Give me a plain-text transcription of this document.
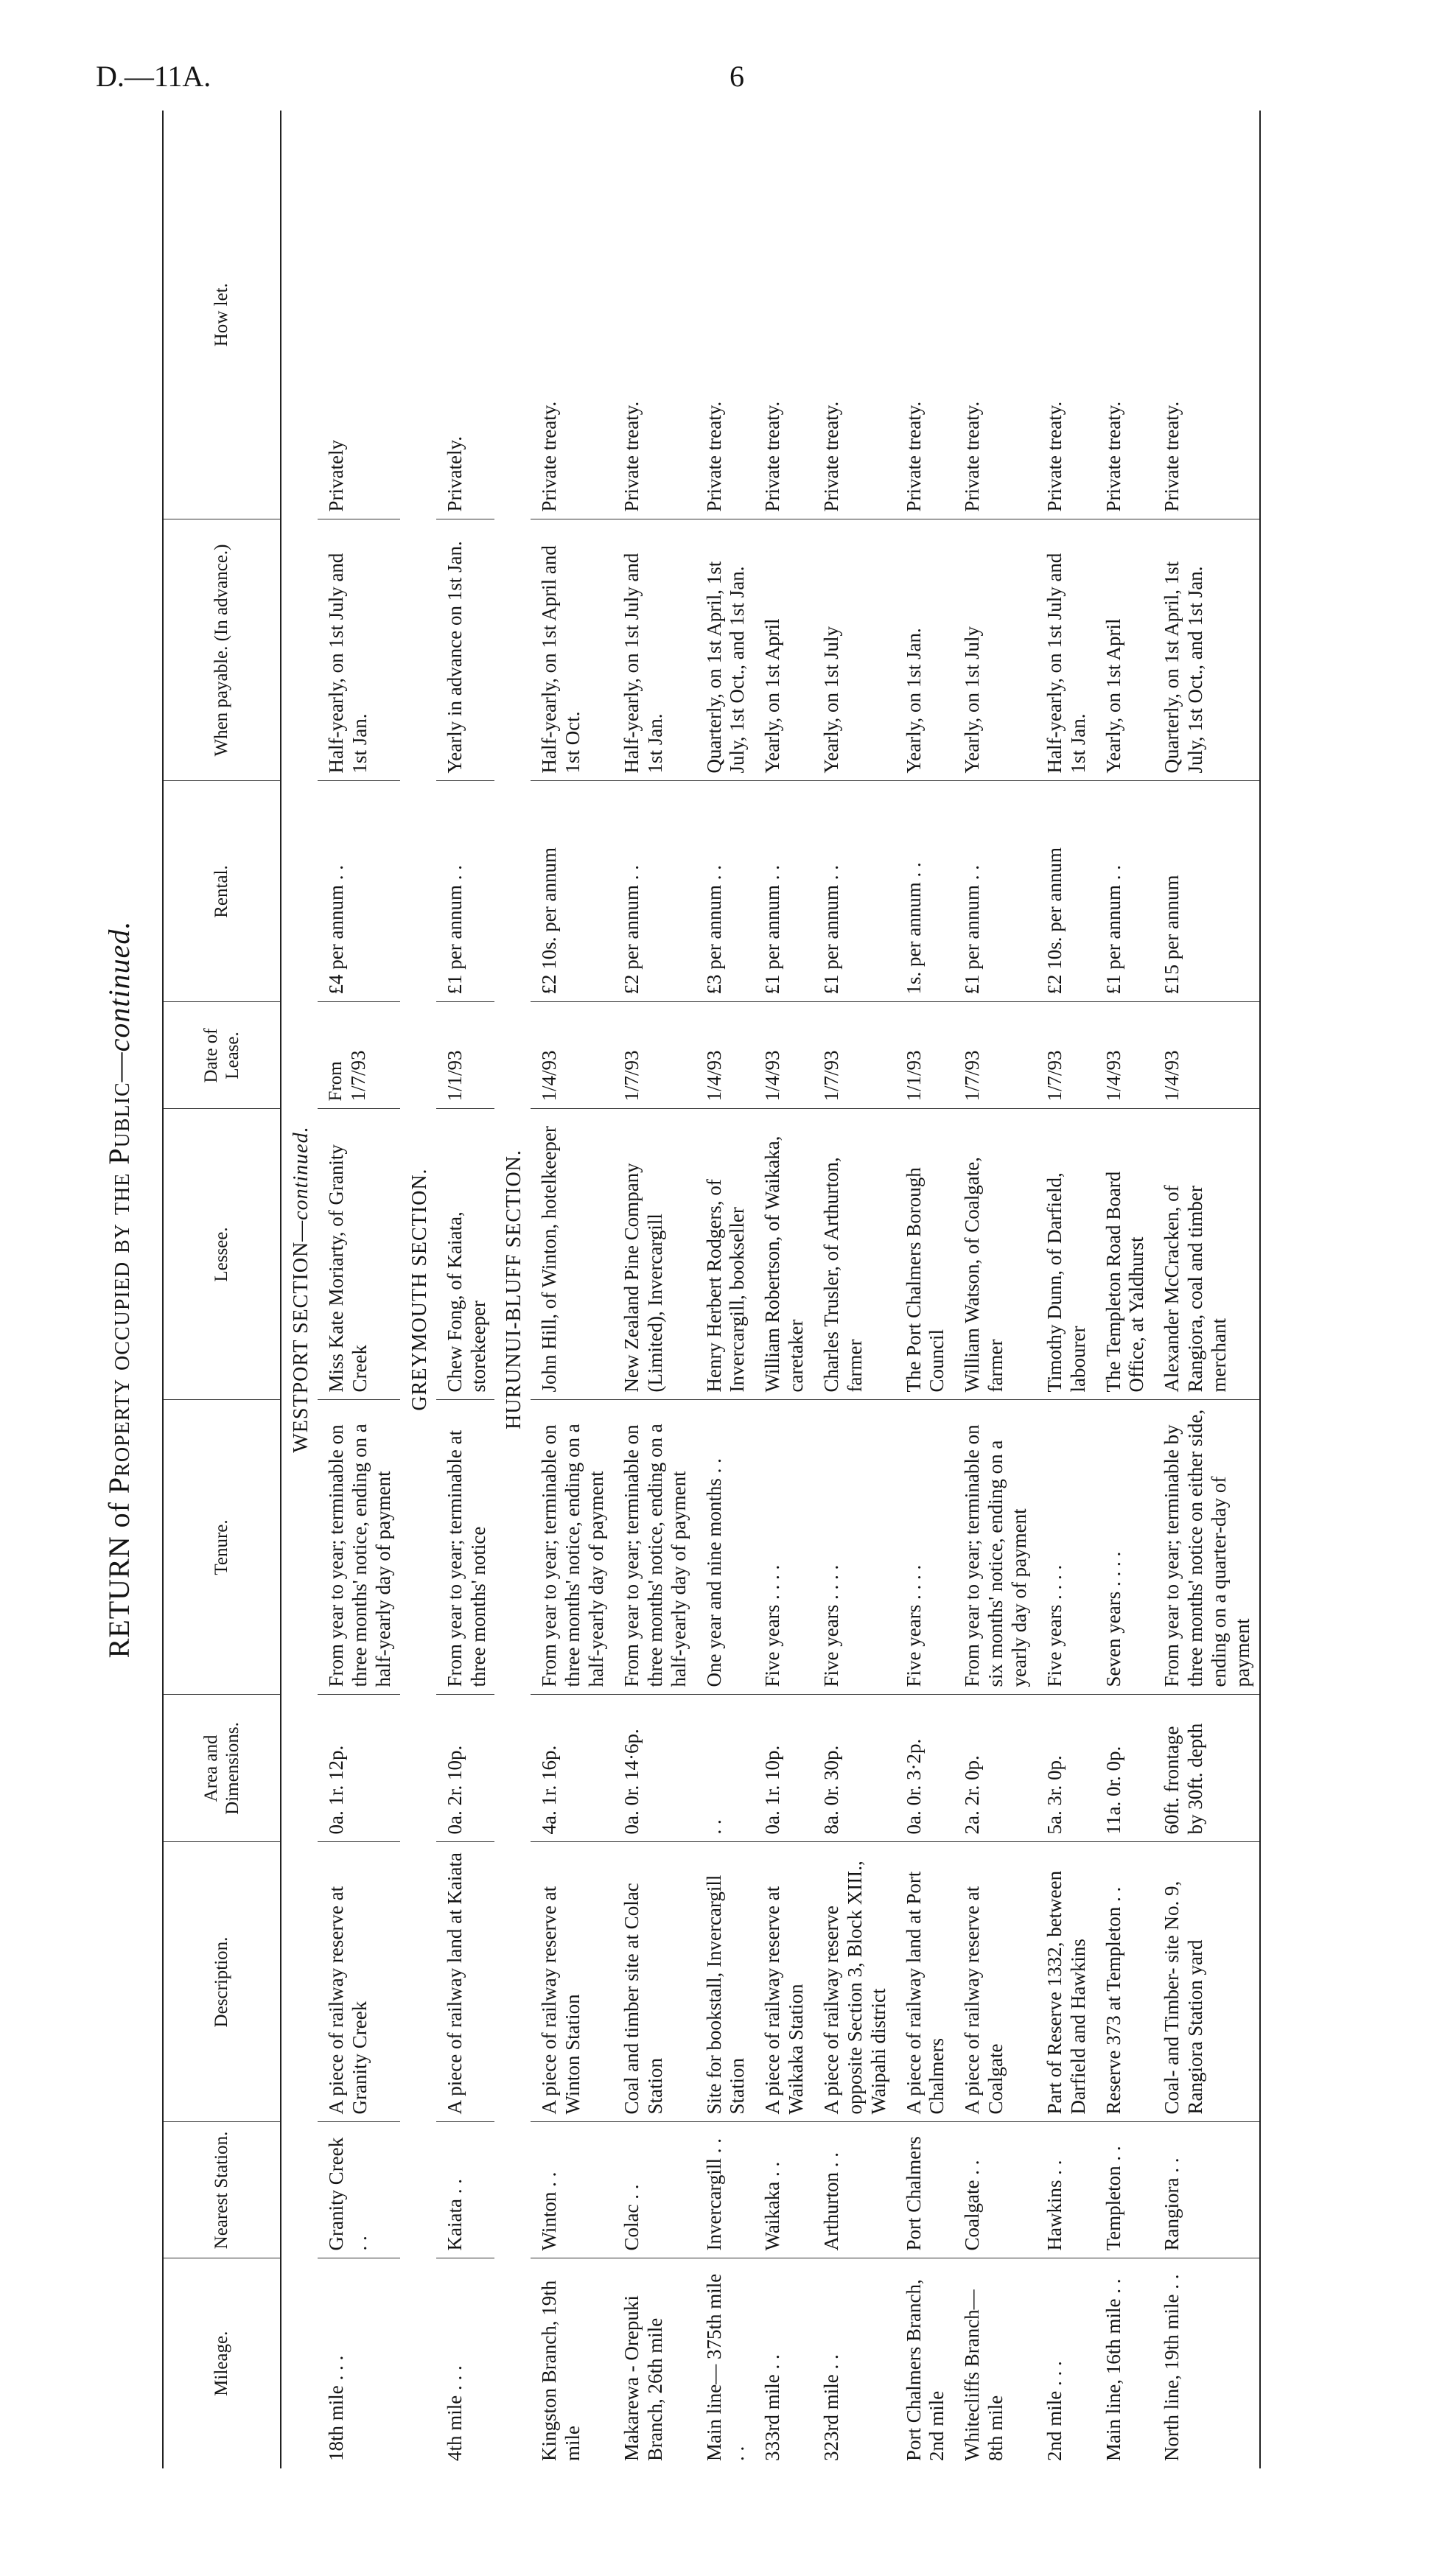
D.—11A.	6
RETURN of Property occupied by the Public—continued.
Mileage.	Nearest Station.	Description.	Area and Dimensions.	Tenure.	Lessee.	Date of Lease.	Rental.	When payable. (In advance.)	How let.
WESTPORT SECTION—continued.									
18th mile . . .	Granity Creek . .	A piece of railway reserve at Granity Creek	0a. 1r. 12p.	From year to year; terminable on three months' notice, ending on a half-yearly day of payment	Miss Kate Moriarty, of Granity Creek	From 1/7/93	£4 per annum . .	Half-yearly, on 1st July and 1st Jan.	Privately
GREYMOUTH SECTION.									
4th mile . . .	Kaiata . .	A piece of railway land at Kaiata	0a. 2r. 10p.	From year to year; terminable at three months' notice	Chew Fong, of Kaiata, storekeeper	1/1/93	£1 per annum . .	Yearly in advance on 1st Jan.	Privately.
HURUNUI-BLUFF SECTION.									
Kingston Branch, 19th mile	Winton . .	A piece of railway reserve at Winton Station	4a. 1r. 16p.	From year to year; terminable on three months' notice, ending on a half-yearly day of payment	John Hill, of Winton, hotelkeeper	1/4/93	£2 10s. per annum	Half-yearly, on 1st April and 1st Oct.	Private treaty.
Makarewa - Orepuki Branch, 26th mile	Colac . .	Coal and timber site at Colac Station	0a. 0r. 14·6p.	From year to year; terminable on three months' notice, ending on a half-yearly day of payment	New Zealand Pine Company (Limited), Invercargill	1/7/93	£2 per annum . .	Half-yearly, on 1st July and 1st Jan.	Private treaty.
Main line— 375th mile . .	Invercargill . .	Site for bookstall, Invercargill Station	. .	One year and nine months . .	Henry Herbert Rodgers, of Invercargill, bookseller	1/4/93	£3 per annum . .	Quarterly, on 1st April, 1st July, 1st Oct., and 1st Jan.	Private treaty.
333rd mile . .	Waikaka . .	A piece of railway reserve at Waikaka Station	0a. 1r. 10p.	Five years . . . .	William Robertson, of Waikaka, caretaker	1/4/93	£1 per annum . .	Yearly, on 1st April	Private treaty.
323rd mile . .	Arthurton . .	A piece of railway reserve opposite Section 3, Block XIII., Waipahi district	8a. 0r. 30p.	Five years . . . .	Charles Trusler, of Arthurton, farmer	1/7/93	£1 per annum . .	Yearly, on 1st July	Private treaty.
Port Chalmers Branch, 2nd mile	Port Chalmers	A piece of railway land at Port Chalmers	0a. 0r. 3·2p.	Five years . . . .	The Port Chalmers Borough Council	1/1/93	1s. per annum . .	Yearly, on 1st Jan.	Private treaty.
Whitecliffs Branch— 8th mile	Coalgate . .	A piece of railway reserve at Coalgate	2a. 2r. 0p.	From year to year; terminable on six months' notice, ending on a yearly day of payment	William Watson, of Coalgate, farmer	1/7/93	£1 per annum . .	Yearly, on 1st July	Private treaty.
2nd mile . . .	Hawkins . .	Part of Reserve 1332, between Darfield and Hawkins	5a. 3r. 0p.	Five years . . . .	Timothy Dunn, of Darfield, labourer	1/7/93	£2 10s. per annum	Half-yearly, on 1st July and 1st Jan.	Private treaty.
Main line, 16th mile . .	Templeton . .	Reserve 373 at Templeton . .	11a. 0r. 0p.	Seven years . . . .	The Templeton Road Board Office, at Yaldhurst	1/4/93	£1 per annum . .	Yearly, on 1st April	Private treaty.
North line, 19th mile . .	Rangiora . .	Coal- and Timber- site No. 9, Rangiora Station yard	60ft. frontage by 30ft. depth	From year to year; terminable by three months' notice on either side, ending on a quarter-day of payment	Alexander McCracken, of Rangiora, coal and timber merchant	1/4/93	£15 per annum	Quarterly, on 1st April, 1st July, 1st Oct., and 1st Jan.	Private treaty.
